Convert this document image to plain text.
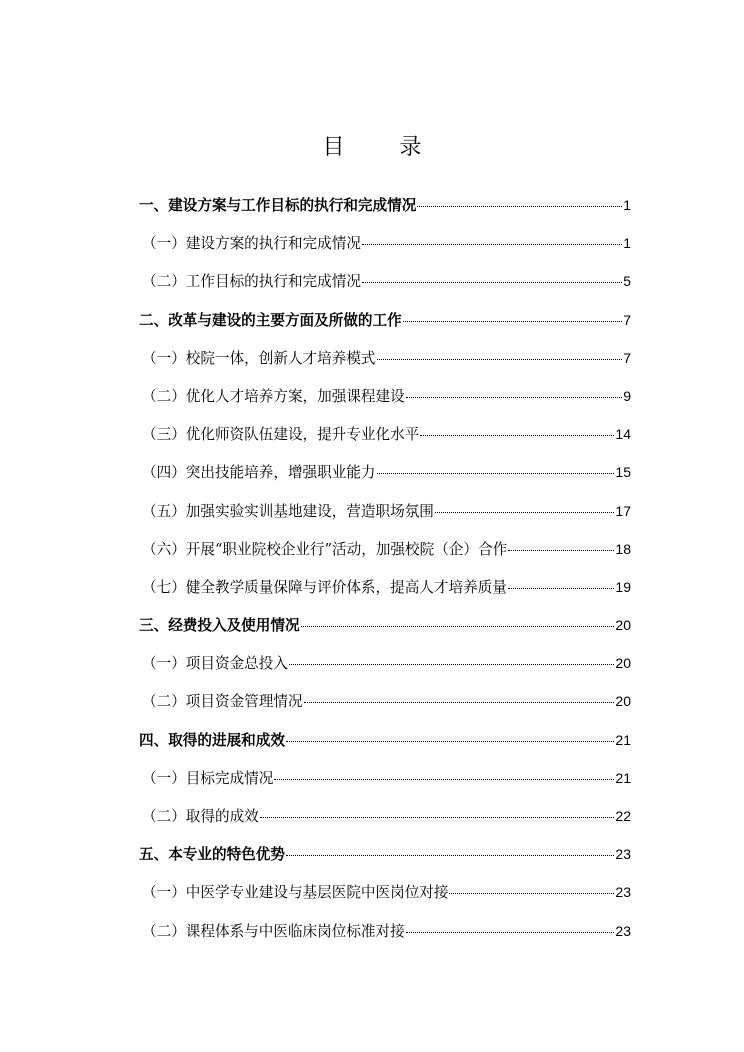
目 录
一、建设方案与工作目标的执行和完成情况	1
（一）建设方案的执行和完成情况	1
（二）工作目标的执行和完成情况	5
二、改革与建设的主要方面及所做的工作	7
（一）校院一体，创新人才培养模式	7
（二）优化人才培养方案，加强课程建设	9
（三）优化师资队伍建设，提升专业化水平	14
（四）突出技能培养，增强职业能力	15
（五）加强实验实训基地建设，营造职场氛围	17
（六）开展“职业院校企业行”活动，加强校院（企）合作	18
（七）健全教学质量保障与评价体系，提高人才培养质量	19
三、经费投入及使用情况	20
（一）项目资金总投入	20
（二）项目资金管理情况	20
四、取得的进展和成效	21
（一）目标完成情况	21
（二）取得的成效	22
五、本专业的特色优势	23
（一）中医学专业建设与基层医院中医岗位对接	23
（二）课程体系与中医临床岗位标准对接	23
